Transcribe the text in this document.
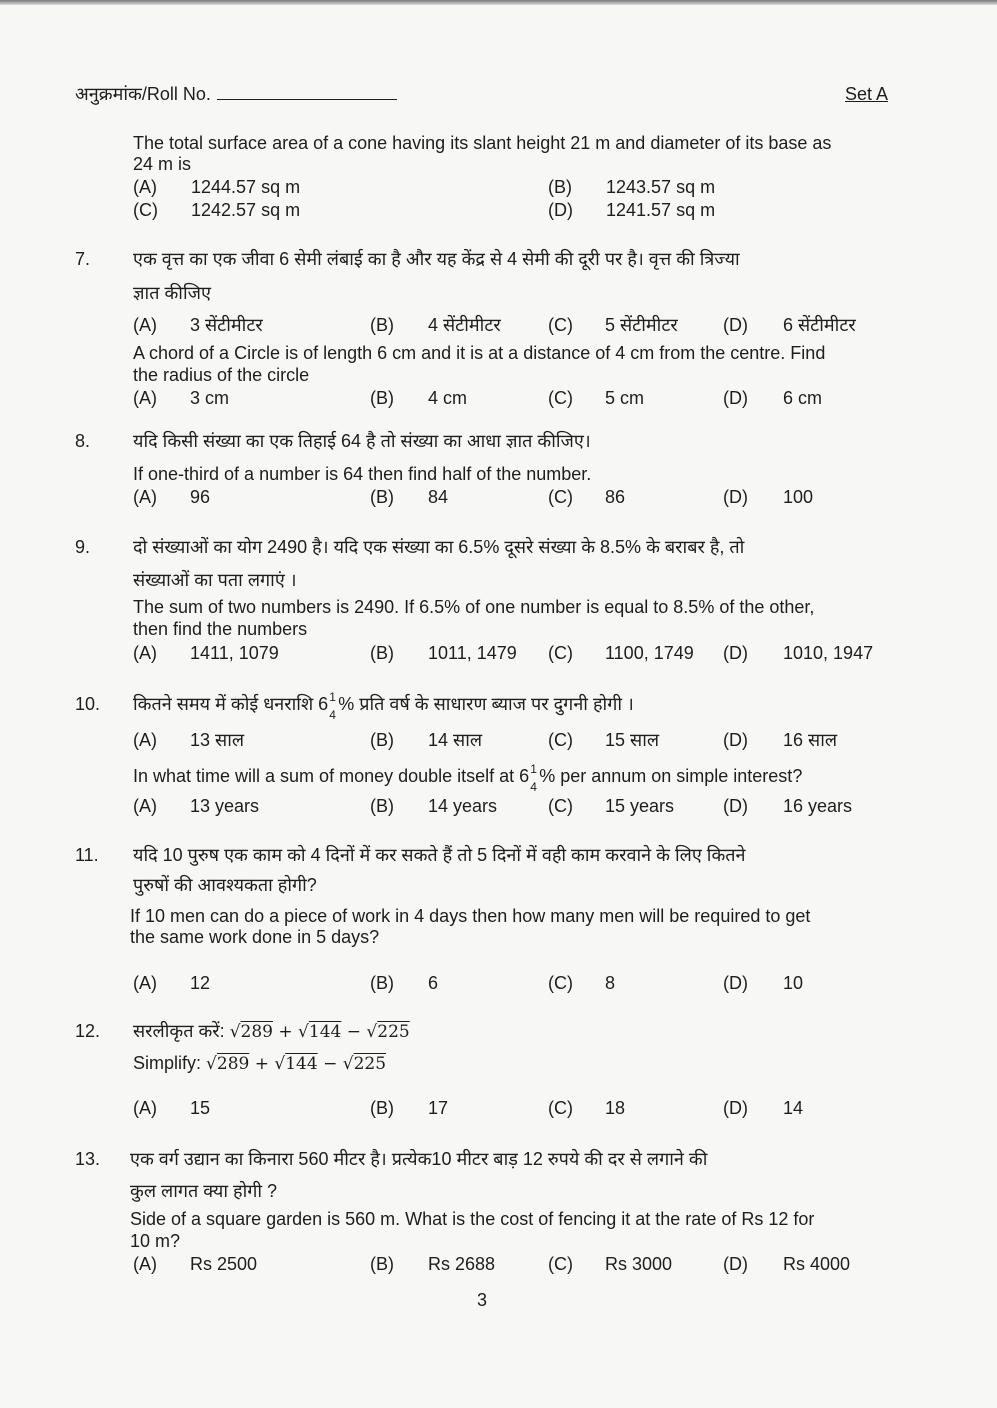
अनुक्रमांक/Roll No.	Set A
कितने समय में कोई धनराशि 6 1
4
% प्रति वर्ष के साधारण ब्याज पर दुगनी होगी ।
In what time will a sum of money double itself at 6 1
4
% per annum on simple interest?
सरलीकृत करें: √289 + √144 − √225
Simplify: √289 + √144 − √225
3
The total surface area of a cone having its slant height 21 m and diameter of its base as
24 m is
(A) 1244.57 sq m	(B) 1243.57 sq m
(C) 1242.57 sq m	(D) 1241.57 sq m
7. एक वृत्त का एक जीवा 6 सेमी लंबाई का है और यह केंद्र से 4 सेमी की दूरी पर है। वृत्त की त्रिज्या
ज्ञात कीजिए
(A) 3 सेंटीमीटर	(B) 4 सेंटीमीटर	(C) 5 सेंटीमीटर	(D) 6 सेंटीमीटर
A chord of a Circle is of length 6 cm and it is at a distance of 4 cm from the centre. Find
the radius of the circle
(A) 3 cm	(B) 4 cm	(C) 5 cm	(D) 6 cm
8. यदि किसी संख्या का एक तिहाई 64 है तो संख्या का आधा ज्ञात कीजिए।
If one-third of a number is 64 then find half of the number.
(A) 96	(B) 84	(C) 86	(D) 100
9. दो संख्याओं का योग 2490 है। यदि एक संख्या का 6.5% दूसरे संख्या के 8.5% के बराबर है, तो
संख्याओं का पता लगाएं ।
The sum of two numbers is 2490. If 6.5% of one number is equal to 8.5% of the other,
then find the numbers
(A) 1411, 1079	(B) 1011, 1479 (C) 1100, 1749 (D) 1010, 1947
10.
(A) 13 साल	(B) 14 साल	(C) 15 साल	(D) 16 साल
(A) 13 years	(B) 14 years	(C) 15 years	(D) 16 years
11. यदि 10 पुरुष एक काम को 4 दिनों में कर सकते हैं तो 5 दिनों में वही काम करवाने के लिए कितने
पुरुषों की आवश्यकता होगी?
If 10 men can do a piece of work in 4 days then how many men will be required to get
the same work done in 5 days?
(A) 12	(B) 6	(C) 8	(D) 10
12.
(A) 15	(B) 17	(C) 18	(D) 14
13. एक वर्ग उद्यान का किनारा 560 मीटर है। प्रत्येक10 मीटर बाड़ 12 रुपये की दर से लगाने की
कुल लागत क्या होगी ?
Side of a square garden is 560 m. What is the cost of fencing it at the rate of Rs 12 for
10 m?
(A) Rs 2500	(B) Rs 2688	(C) Rs 3000	(D) Rs 4000
